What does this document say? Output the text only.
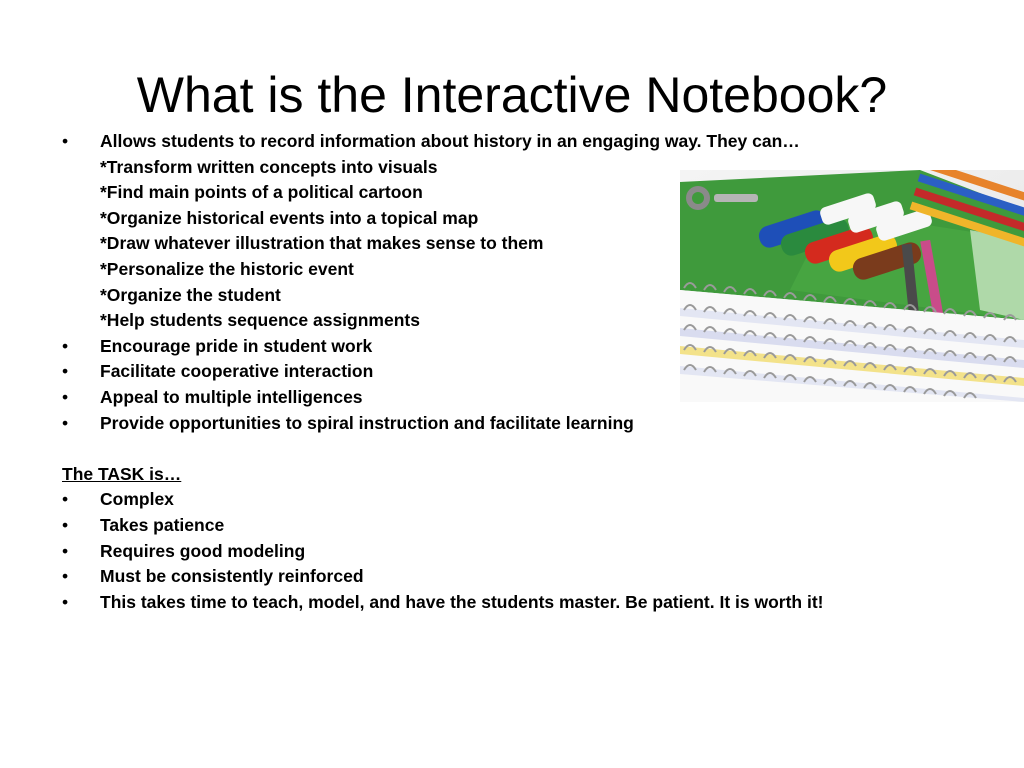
What is the Interactive Notebook?
• Allows students to record information about history in an engaging way. They can…
*Transform written concepts into visuals
*Find main points of a political cartoon
*Organize historical events into a topical map
*Draw whatever illustration that makes sense to them
*Personalize the historic event
*Organize the student
*Help students sequence assignments
• Encourage pride in student work
• Facilitate cooperative interaction
• Appeal to multiple intelligences
• Provide opportunities to spiral instruction and facilitate learning
The TASK is…
• Complex
• Takes patience
• Requires good modeling
• Must be consistently reinforced
• This takes time to teach, model, and have the students master. Be patient. It is worth it!
